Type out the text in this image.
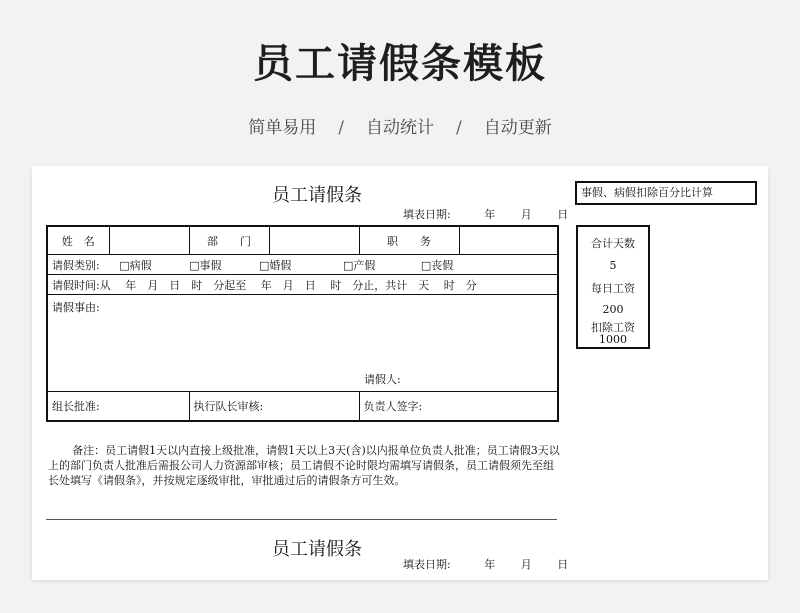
员工请假条模板
简单易用 / 自动统计 / 自动更新
员工请假条
填表日期:	年 月 日
姓　名		部　　门		职　　务	
请假类别: □病假 □事假 □婚假 □产假 □丧假					
请假时间:从　 年　月　日　时　分起至　 年　月　日　 时　分止，共计　天　 时　分					

请假事由:
请假人:					

组长批准:		执行队长审核:		负责人签字:	
备注：员工请假1天以内直接上级批准，请假1天以上3天(含)以内报单位负责人批准；员工请假3天以上的部门负责人批准后需报公司人力资源部审核；员工请假不论时限均需填写请假条，员工请假须先至组长处填写《请假条》，并按规定逐级审批，审批通过后的请假条方可生效。
员工请假条
填表日期:	年 月 日
事假、病假扣除百分比计算
合计天数
5
每日工资
200
扣除工资
1000
